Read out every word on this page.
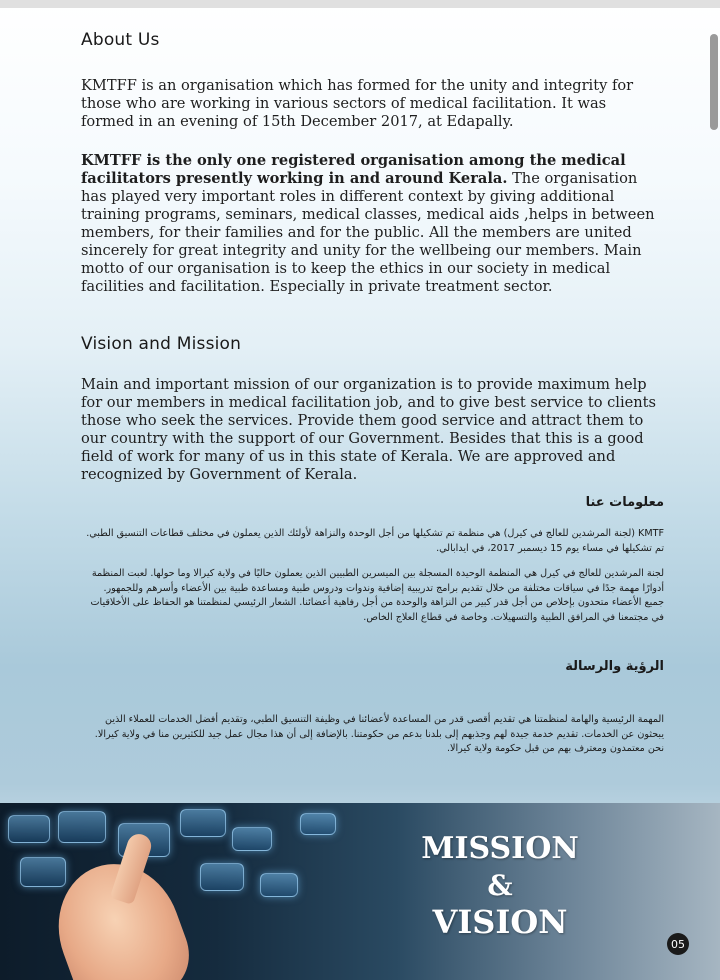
About Us

KMTFF is an organisation which has formed for the unity and integrity for those who are working in various sectors of medical facilitation. It was formed in an evening of 15th December 2017, at Edapally.

KMTFF is the only one registered organisation among the medical facilitators presently working in and around Kerala. The organisation has played very important roles in different context by giving additional training programs, seminars, medical classes, medical aids ,helps in between members, for their families and for the public. All the members are united sincerely for great integrity and unity for the wellbeing our members. Main motto of our organisation is to keep the ethics in our society in medical facilities and facilitation. Especially in private treatment sector.

Vision and Mission

Main and important mission of our organization is to provide maximum help for our members in medical facilitation job, and to give best service to clients those who seek the services. Provide them good service and attract them to our country with the support of our Government. Besides that this is a good field of work for many of us in this state of Kerala. We are approved and recognized by Government of Kerala.

معلومات عنا
KMTF (لجنة المرشدين للعالج في كيرل) هي منظمة تم تشكيلها من أجل الوحدة والنزاهة لأولئك الذين يعملون في مختلف قطاعات التنسيق الطبي. تم تشكيلها في مساء يوم 15 ديسمبر 2017، في ايدابالي.
لجنة المرشدين للعالج في كيرل هي المنظمة الوحيدة المسجلة بين الميسرين الطبيين الذين يعملون حاليًا في ولاية كيرالا وما حولها. لعبت المنظمة أدوارًا مهمة جدًا في سياقات مختلفة من خلال تقديم برامج تدريبية إضافية وندوات ودروس طبية ومساعدة طبية بين الأعضاء وأسرهم وللجمهور. جميع الأعضاء متحدون بإخلاص من أجل قدر كبير من النزاهة والوحدة من أجل رفاهية أعضائنا. الشعار الرئيسي لمنظمتنا هو الحفاظ على الأخلاقيات في مجتمعنا في المرافق الطبية والتسهيلات. وخاصة في قطاع العلاج الخاص.
الرؤية والرسالة
المهمة الرئيسية والهامة لمنظمتنا هي تقديم أقصى قدر من المساعدة لأعضائنا في وظيفة التنسيق الطبي، وتقديم أفضل الخدمات للعملاء الذين يبحثون عن الخدمات. تقديم خدمة جيدة لهم وجذبهم إلى بلدنا بدعم من حكومتنا. بالإضافة إلى أن هذا مجال عمل جيد للكثيرين منا في ولاية كيرالا. نحن معتمدون ومعترف بهم من قبل حكومة ولاية كيرالا.
MISSION
&
VISION
05
